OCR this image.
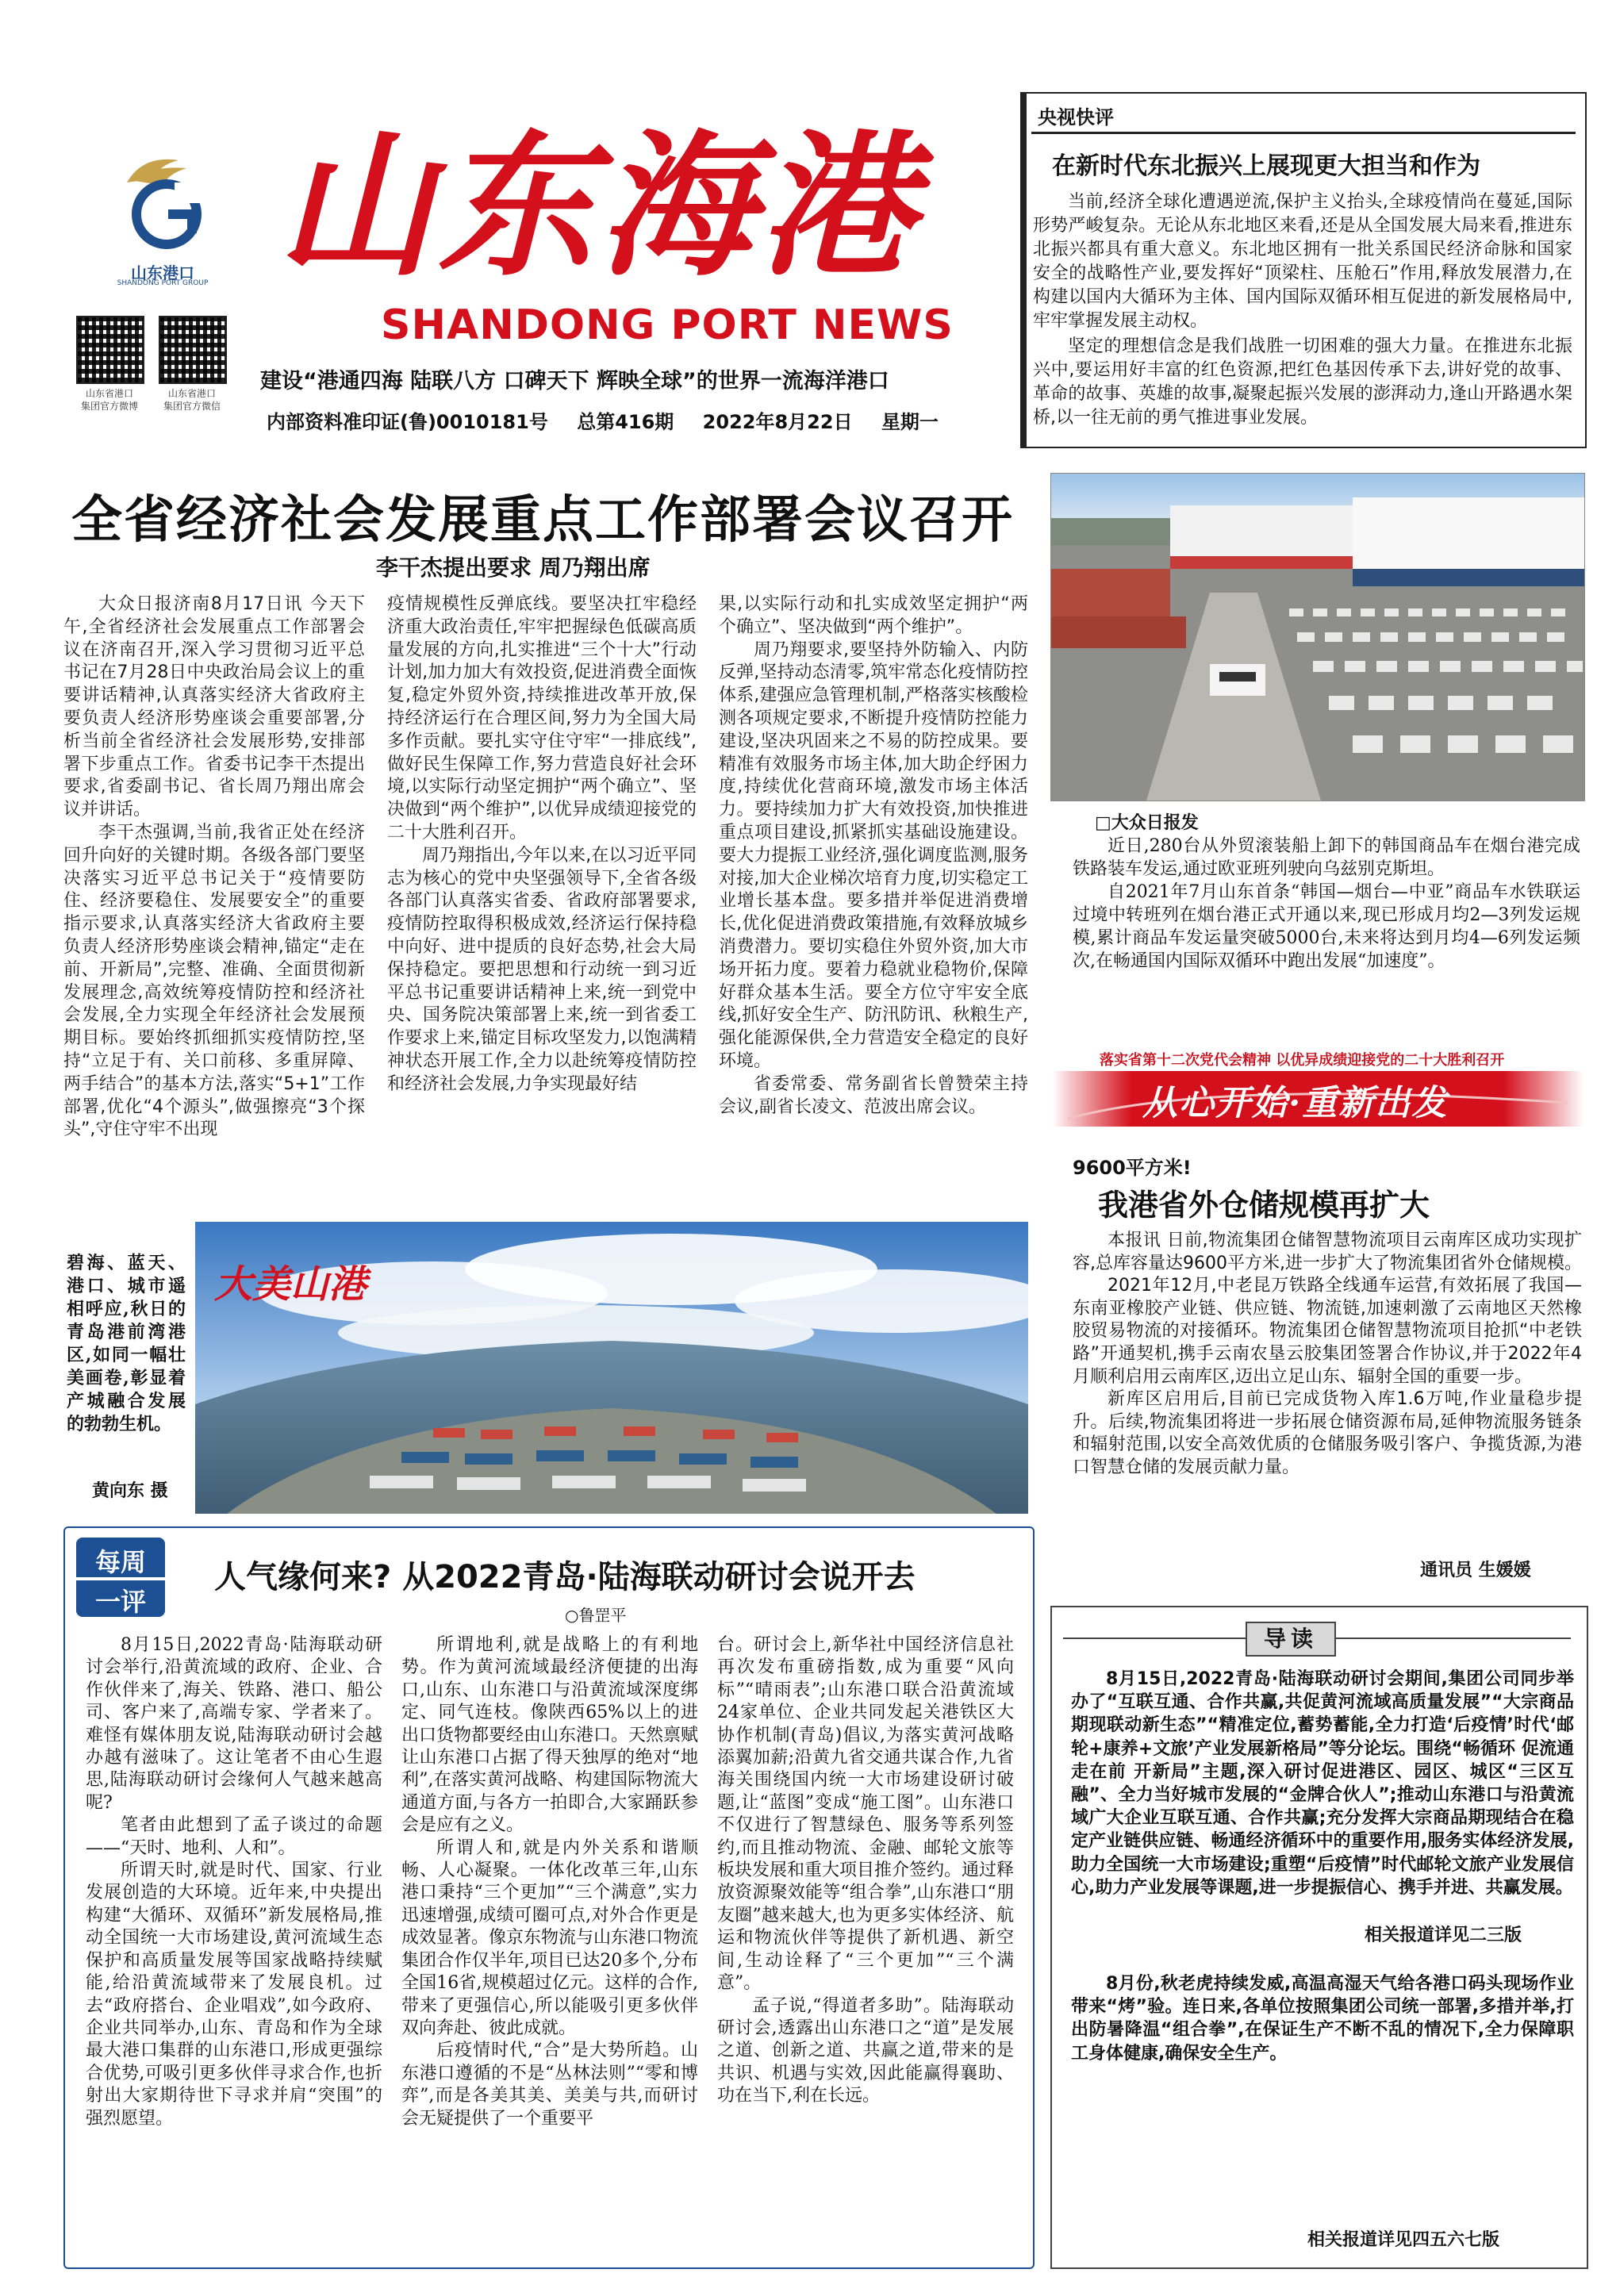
山东港口
SHANDONG PORT GROUP 山东海港
SHANDONG PORT NEWS
山东省港口
集团官方微博
山东省港口
集团官方微信
建设“港通四海 陆联八方 口碑天下 辉映全球”的世界一流海洋港口
内部资料准印证(鲁)0010181号 总第416期 2022年8月22日 星期一
央视快评
在新时代东北振兴上展现更大担当和作为
当前,经济全球化遭遇逆流,保护主义抬头,全球疫情尚在蔓延,国际形势严峻复杂。无论从东北地区来看,还是从全国发展大局来看,推进东北振兴都具有重大意义。东北地区拥有一批关系国民经济命脉和国家安全的战略性产业,要发挥好“顶梁柱、压舱石”作用,释放发展潜力,在构建以国内大循环为主体、国内国际双循环相互促进的新发展格局中,牢牢掌握发展主动权。
坚定的理想信念是我们战胜一切困难的强大力量。在推进东北振兴中,要运用好丰富的红色资源,把红色基因传承下去,讲好党的故事、革命的故事、英雄的故事,凝聚起振兴发展的澎湃动力,逢山开路遇水架桥,以一往无前的勇气推进事业发展。
全省经济社会发展重点工作部署会议召开
李干杰提出要求 周乃翔出席

大众日报济南8月17日讯 今天下午,全省经济社会发展重点工作部署会议在济南召开,深入学习贯彻习近平总书记在7月28日中央政治局会议上的重要讲话精神,认真落实经济大省政府主要负责人经济形势座谈会重要部署,分析当前全省经济社会发展形势,安排部署下步重点工作。省委书记李干杰提出要求,省委副书记、省长周乃翔出席会议并讲话。

李干杰强调,当前,我省正处在经济回升向好的关键时期。各级各部门要坚决落实习近平总书记关于“疫情要防住、经济要稳住、发展要安全”的重要指示要求,认真落实经济大省政府主要负责人经济形势座谈会精神,锚定“走在前、开新局”,完整、准确、全面贯彻新发展理念,高效统筹疫情防控和经济社会发展,全力实现全年经济社会发展预期目标。要始终抓细抓实疫情防控,坚持“立足于有、关口前移、多重屏障、两手结合”的基本方法,落实“5+1”工作部署,优化“4个源头”,做强擦亮“3个探头”,守住守牢不出现

疫情规模性反弹底线。要坚决扛牢稳经济重大政治责任,牢牢把握绿色低碳高质量发展的方向,扎实推进“三个十大”行动计划,加力加大有效投资,促进消费全面恢复,稳定外贸外资,持续推进改革开放,保持经济运行在合理区间,努力为全国大局多作贡献。要扎实守住守牢“一排底线”,做好民生保障工作,努力营造良好社会环境,以实际行动坚定拥护“两个确立”、坚决做到“两个维护”,以优异成绩迎接党的二十大胜利召开。

周乃翔指出,今年以来,在以习近平同志为核心的党中央坚强领导下,全省各级各部门认真落实省委、省政府部署要求,疫情防控取得积极成效,经济运行保持稳中向好、进中提质的良好态势,社会大局保持稳定。要把思想和行动统一到习近平总书记重要讲话精神上来,统一到党中央、国务院决策部署上来,统一到省委工作要求上来,锚定目标攻坚发力,以饱满精神状态开展工作,全力以赴统筹疫情防控和经济社会发展,力争实现最好结

果,以实际行动和扎实成效坚定拥护“两个确立”、坚决做到“两个维护”。

周乃翔要求,要坚持外防输入、内防反弹,坚持动态清零,筑牢常态化疫情防控体系,建强应急管理机制,严格落实核酸检测各项规定要求,不断提升疫情防控能力建设,坚决巩固来之不易的防控成果。要精准有效服务市场主体,加大助企纾困力度,持续优化营商环境,激发市场主体活力。要持续加力扩大有效投资,加快推进重点项目建设,抓紧抓实基础设施建设。要大力提振工业经济,强化调度监测,服务对接,加大企业梯次培育力度,切实稳定工业增长基本盘。要多措并举促进消费增长,优化促进消费政策措施,有效释放城乡消费潜力。要切实稳住外贸外资,加大市场开拓力度。要着力稳就业稳物价,保障好群众基本生活。要全方位守牢安全底线,抓好安全生产、防汛防讯、秋粮生产,强化能源保供,全力营造安全稳定的良好环境。

省委常委、常务副省长曾赞荣主持会议,副省长凌文、范波出席会议。

□大众日报发
近日,280台从外贸滚装船上卸下的韩国商品车在烟台港完成铁路装车发运,通过欧亚班列驶向乌兹别克斯坦。
自2021年7月山东首条“韩国—烟台—中亚”商品车水铁联运过境中转班列在烟台港正式开通以来,现已形成月均2—3列发运规模,累计商品车发运量突破5000台,未来将达到月均4—6列发运频次,在畅通国内国际双循环中跑出发展“加速度”。
落实省第十二次党代会精神 以优异成绩迎接党的二十大胜利召开
从心开始·重新出发
9600平方米!
我港省外仓储规模再扩大

本报讯 日前,物流集团仓储智慧物流项目云南库区成功实现扩容,总库容量达9600平方米,进一步扩大了物流集团省外仓储规模。

2021年12月,中老昆万铁路全线通车运营,有效拓展了我国—东南亚橡胶产业链、供应链、物流链,加速刺激了云南地区天然橡胶贸易物流的对接循环。物流集团仓储智慧物流项目抢抓“中老铁路”开通契机,携手云南农垦云胶集团签署合作协议,并于2022年4月顺利启用云南库区,迈出立足山东、辐射全国的重要一步。

新库区启用后,目前已完成货物入库1.6万吨,作业量稳步提升。后续,物流集团将进一步拓展仓储资源布局,延伸物流服务链条和辐射范围,以安全高效优质的仓储服务吸引客户、争揽货源,为港口智慧仓储的发展贡献力量。

通讯员 生媛媛
碧海、蓝天、港口、城市遥相呼应,秋日的青岛港前湾港区,如同一幅壮美画卷,彰显着产城融合发展的勃勃生机。
黄向东 摄
大美山港
每周
一评
人气缘何来? 从2022青岛·陆海联动研讨会说开去
○鲁罡平

8月15日,2022青岛·陆海联动研讨会举行,沿黄流域的政府、企业、合作伙伴来了,海关、铁路、港口、船公司、客户来了,高端专家、学者来了。难怪有媒体朋友说,陆海联动研讨会越办越有滋味了。这让笔者不由心生遐思,陆海联动研讨会缘何人气越来越高呢?

笔者由此想到了孟子谈过的命题——“天时、地利、人和”。

所谓天时,就是时代、国家、行业发展创造的大环境。近年来,中央提出构建“大循环、双循环”新发展格局,推动全国统一大市场建设,黄河流域生态保护和高质量发展等国家战略持续赋能,给沿黄流域带来了发展良机。过去“政府搭台、企业唱戏”,如今政府、企业共同举办,山东、青岛和作为全球最大港口集群的山东港口,形成更强综合优势,可吸引更多伙伴寻求合作,也折射出大家期待世下寻求并肩“突围”的强烈愿望。

所谓地利,就是战略上的有利地势。作为黄河流域最经济便捷的出海口,山东、山东港口与沿黄流域深度绑定、同气连枝。像陕西65%以上的进出口货物都要经由山东港口。天然禀赋让山东港口占据了得天独厚的绝对“地利”,在落实黄河战略、构建国际物流大通道方面,与各方一拍即合,大家踊跃参会是应有之义。

所谓人和,就是内外关系和谐顺畅、人心凝聚。一体化改革三年,山东港口秉持“三个更加”“三个满意”,实力迅速增强,成绩可圈可点,对外合作更是成效显著。像京东物流与山东港口物流集团合作仅半年,项目已达20多个,分布全国16省,规模超过亿元。这样的合作,带来了更强信心,所以能吸引更多伙伴双向奔赴、彼此成就。

后疫情时代,“合”是大势所趋。山东港口遵循的不是“丛林法则”“零和博弈”,而是各美其美、美美与共,而研讨会无疑提供了一个重要平

台。研讨会上,新华社中国经济信息社再次发布重磅指数,成为重要“风向标”“晴雨表”;山东港口联合沿黄流域24家单位、企业共同发起关港铁区大协作机制(青岛)倡议,为落实黄河战略添翼加薪;沿黄九省交通共谋合作,九省海关围绕国内统一大市场建设研讨破题,让“蓝图”变成“施工图”。山东港口不仅进行了智慧绿色、服务等系列签约,而且推动物流、金融、邮轮文旅等板块发展和重大项目推介签约。通过释放资源聚效能等“组合拳”,山东港口“朋友圈”越来越大,也为更多实体经济、航运和物流伙伴等提供了新机遇、新空间,生动诠释了“三个更加”“三个满意”。

孟子说,“得道者多助”。陆海联动研讨会,透露出山东港口之“道”是发展之道、创新之道、共赢之道,带来的是共识、机遇与实效,因此能赢得襄助、功在当下,利在长远。

导读

8月15日,2022青岛·陆海联动研讨会期间,集团公司同步举办了“互联互通、合作共赢,共促黄河流域高质量发展”“大宗商品期现联动新生态”“精准定位,蓄势蓄能,全力打造‘后疫情’时代‘邮轮+康养+文旅’产业发展新格局”等分论坛。围绕“畅循环 促流通 走在前 开新局”主题,深入研讨促进港区、园区、城区“三区互融”、全力当好城市发展的“金牌合伙人”;推动山东港口与沿黄流域广大企业互联互通、合作共赢;充分发挥大宗商品期现结合在稳定产业链供应链、畅通经济循环中的重要作用,服务实体经济发展,助力全国统一大市场建设;重塑“后疫情”时代邮轮文旅产业发展信心,助力产业发展等课题,进一步提振信心、携手并进、共赢发展。

相关报道详见二三版

8月份,秋老虎持续发威,高温高湿天气给各港口码头现场作业带来“烤”验。连日来,各单位按照集团公司统一部署,多措并举,打出防暑降温“组合拳”,在保证生产不断不乱的情况下,全力保障职工身体健康,确保安全生产。

相关报道详见四五六七版
